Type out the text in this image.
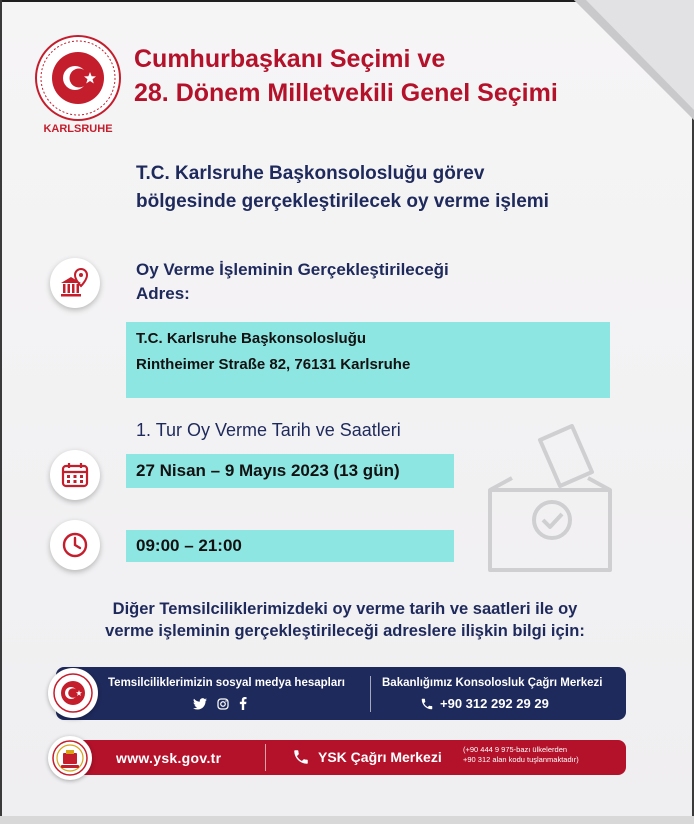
KARLSRUHE
Cumhurbaşkanı Seçimi ve
28. Dönem Milletvekili Genel Seçimi
T.C. Karlsruhe Başkonsolosluğu görev
bölgesinde gerçekleştirilecek oy verme işlemi

Oy Verme İşleminin Gerçekleştirileceği
Adres:

T.C. Karlsruhe Başkonsolosluğu
Rintheimer Straße 82, 76131 Karlsruhe

1. Tur Oy Verme Tarih ve Saatleri

27 Nisan – 9 Mayıs 2023 (13 gün)
09:00 – 21:00

Diğer Temsilciliklerimizdeki oy verme tarih ve saatleri ile oy
verme işleminin gerçekleştirileceği adreslere ilişkin bilgi için:

Temsilciliklerimizin sosyal medya hesapları	Bakanlığımız Konsolosluk Çağrı Merkezi
+90 312 292 29 29
www.ysk.gov.tr	YSK Çağrı Merkezi	(+90 444 9 975-bazı ülkelerden
+90 312 alan kodu tuşlanmaktadır)
